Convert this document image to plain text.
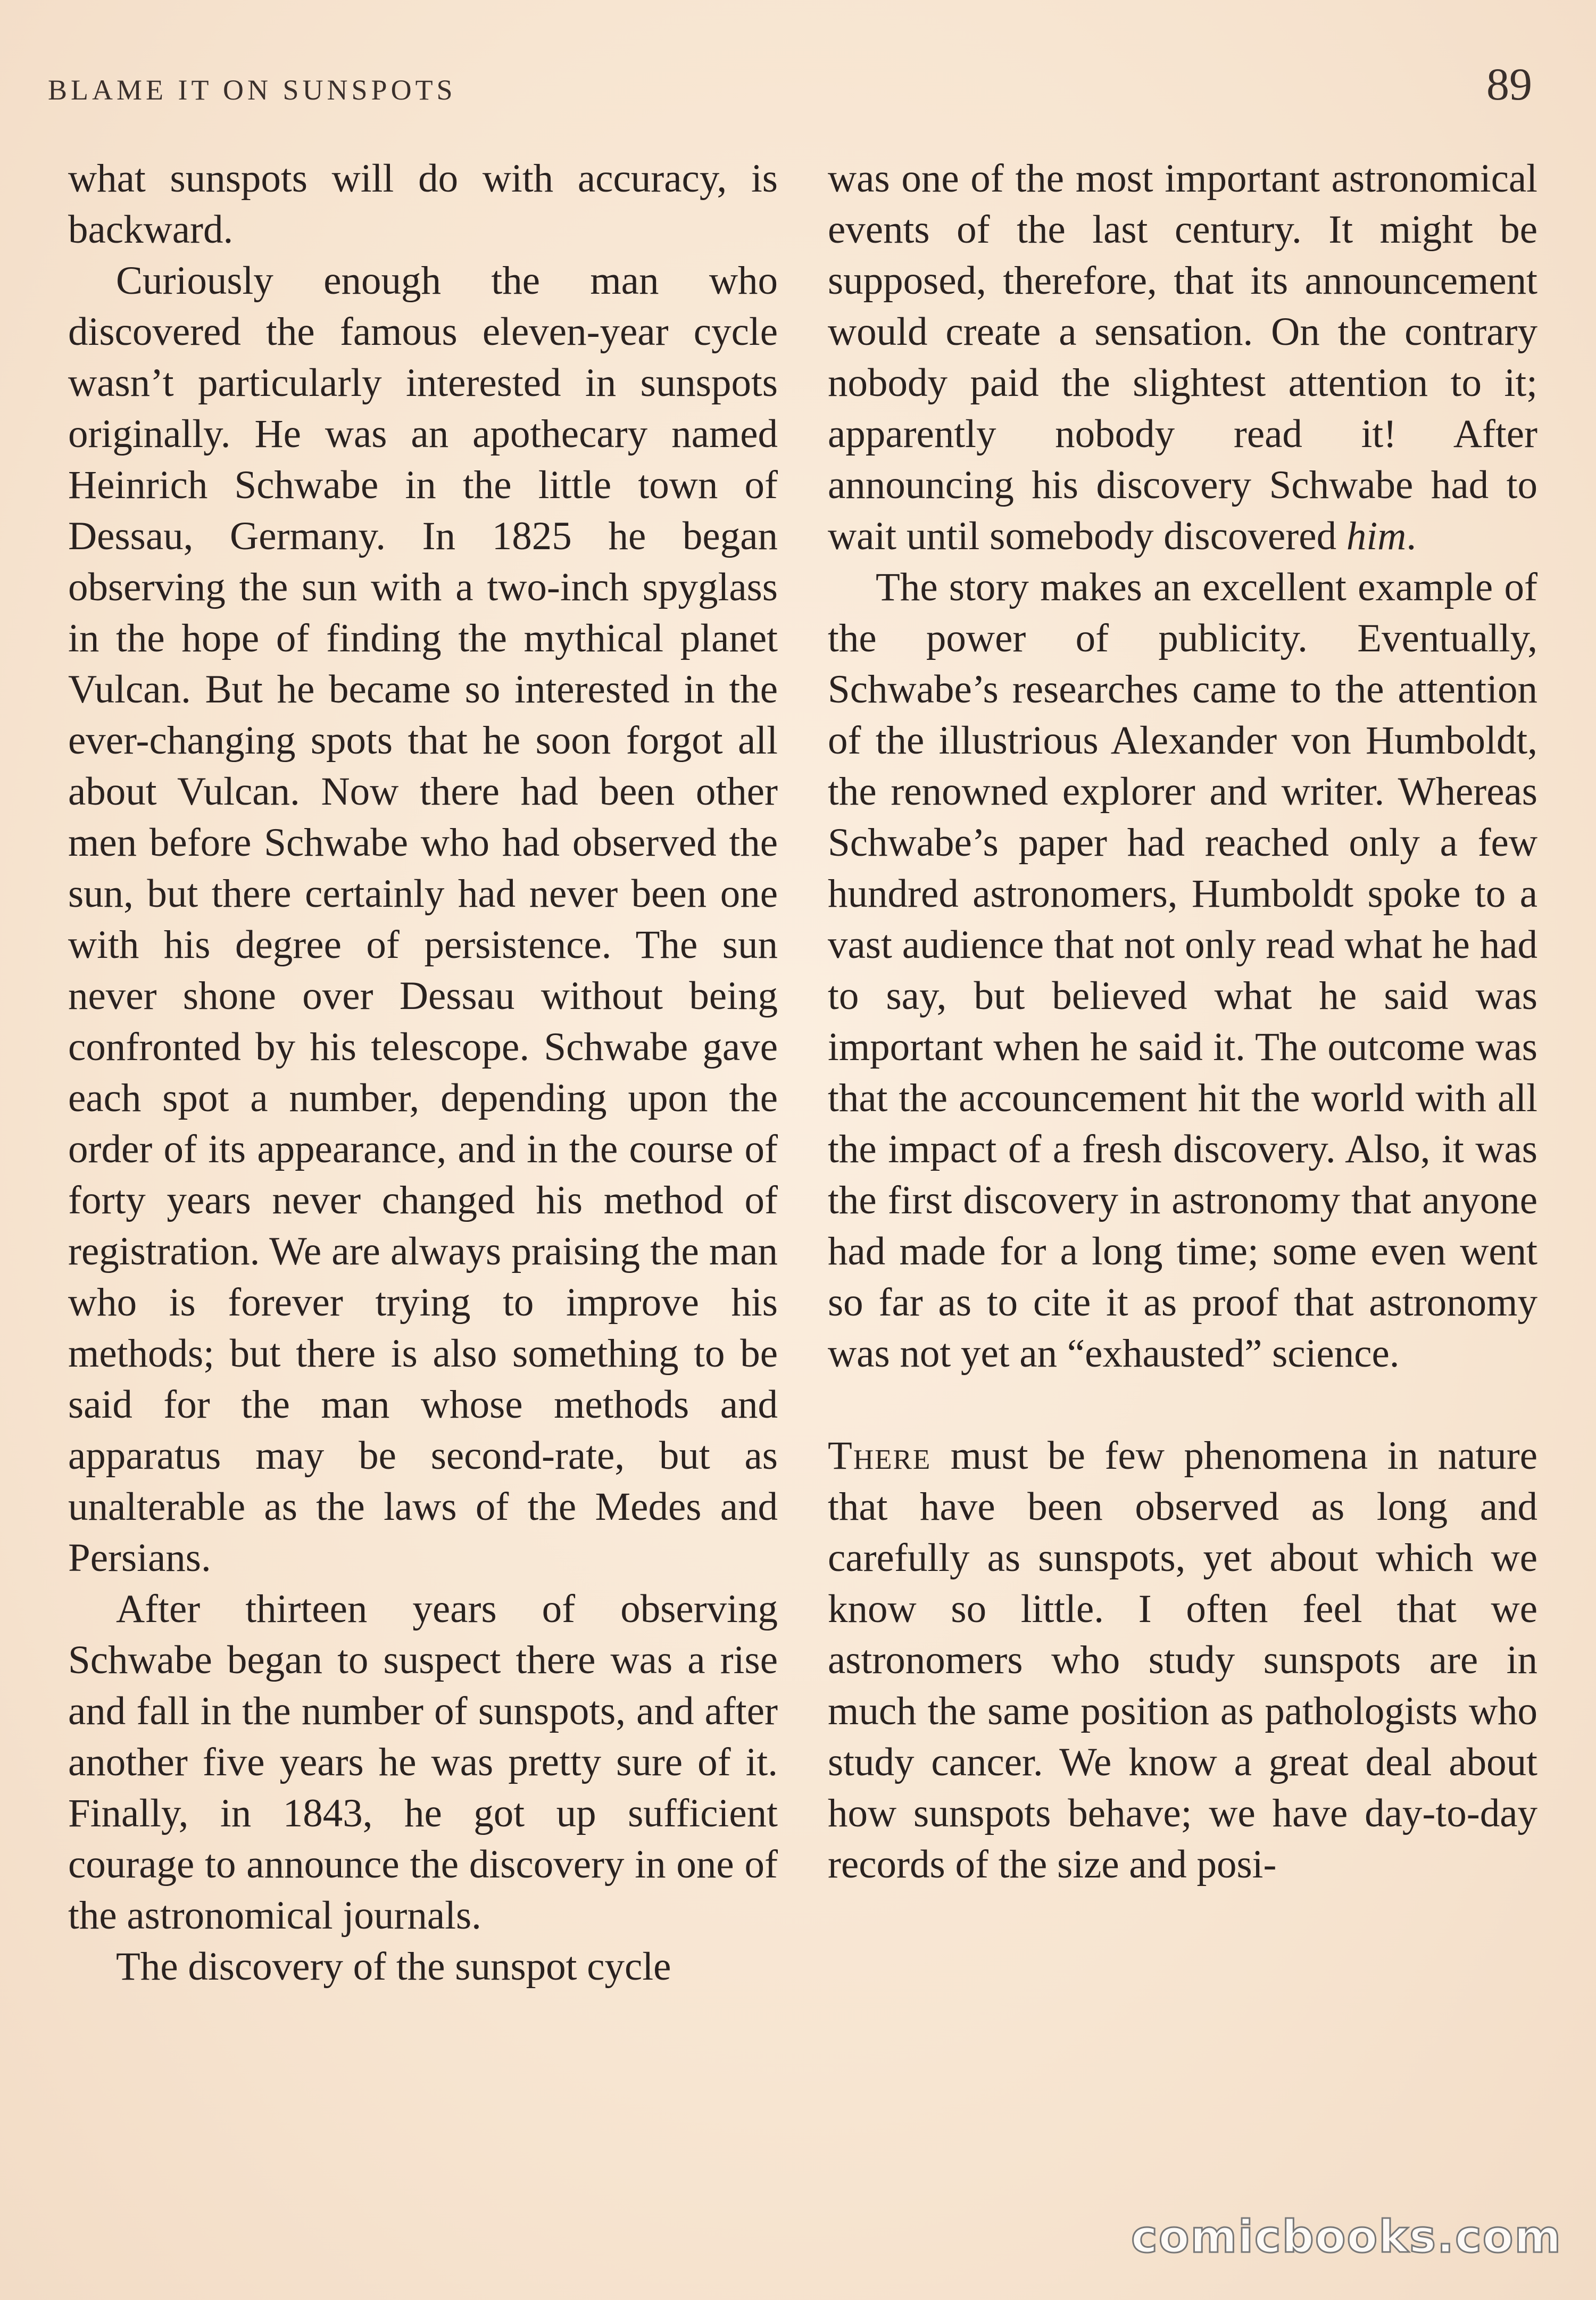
BLAME IT ON SUNSPOTS	89

what sunspots will do with accuracy, is backward.

Curiously enough the man who discovered the famous eleven-year cycle wasn’t particularly interested in sunspots originally. He was an apothecary named Heinrich Schwabe in the little town of Dessau, Germany. In 1825 he began observing the sun with a two-inch spyglass in the hope of finding the mythical planet Vulcan. But he became so interested in the ever-changing spots that he soon forgot all about Vulcan. Now there had been other men before Schwabe who had observed the sun, but there certainly had never been one with his degree of persistence. The sun never shone over Dessau without being confronted by his telescope. Schwabe gave each spot a number, depending upon the order of its appearance, and in the course of forty years never changed his method of registration. We are always praising the man who is forever trying to improve his methods; but there is also something to be said for the man whose methods and apparatus may be second-rate, but as unalterable as the laws of the Medes and Persians.

After thirteen years of observing Schwabe began to suspect there was a rise and fall in the number of sunspots, and after another five years he was pretty sure of it. Finally, in 1843, he got up sufficient courage to announce the discovery in one of the astronomical journals.

The discovery of the sunspot cycle

was one of the most important astronomical events of the last century. It might be supposed, therefore, that its announcement would create a sensation. On the contrary nobody paid the slightest attention to it; apparently nobody read it! After announcing his discovery Schwabe had to wait until somebody discovered him.

The story makes an excellent example of the power of publicity. Eventually, Schwabe’s researches came to the attention of the illustrious Alexander von Humboldt, the renowned explorer and writer. Whereas Schwabe’s paper had reached only a few hundred astronomers, Humboldt spoke to a vast audience that not only read what he had to say, but believed what he said was important when he said it. The outcome was that the accouncement hit the world with all the impact of a fresh discovery. Also, it was the first discovery in astronomy that anyone had made for a long time; some even went so far as to cite it as proof that astronomy was not yet an “exhausted” science.

There must be few phenomena in nature that have been observed as long and carefully as sunspots, yet about which we know so little. I often feel that we astronomers who study sunspots are in much the same position as pathologists who study cancer. We know a great deal about how sunspots behave; we have day-to-day records of the size and posi-

comicbooks.com
